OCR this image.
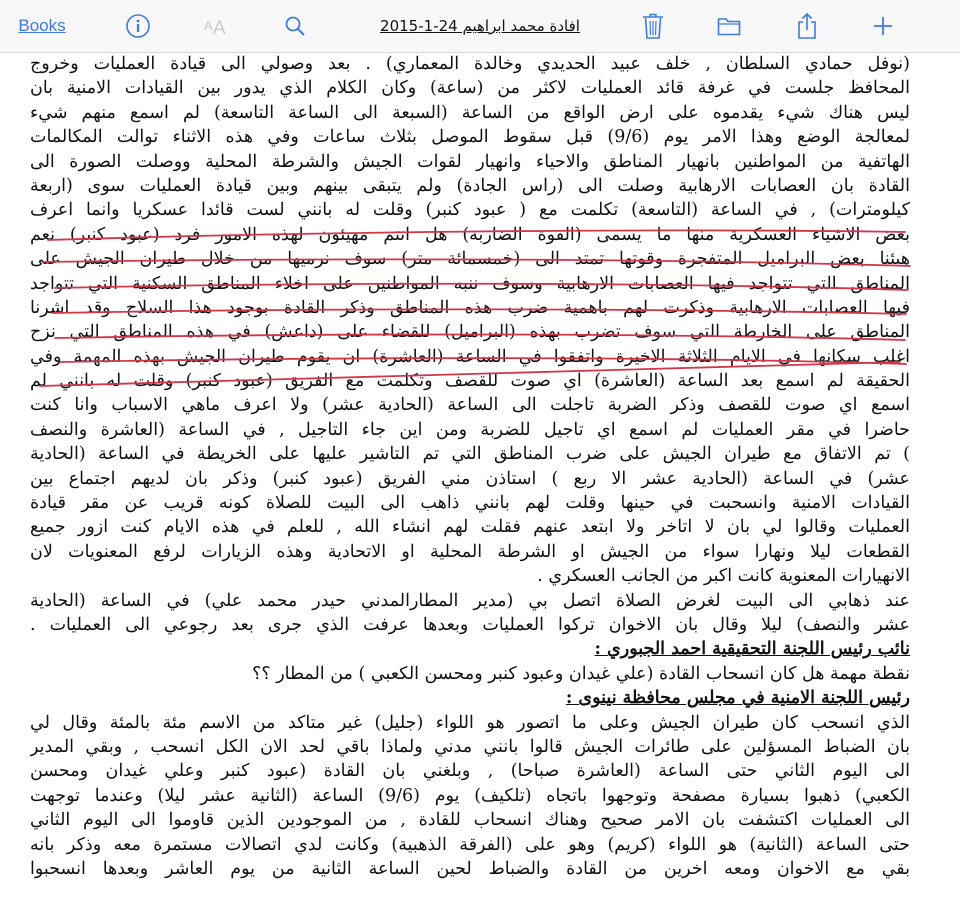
Books	A A	افادة محمد ابراهيم 24-1-2015
(نوفل حمادي السلطان , خلف عبيد الحديدي وخالدة المعماري) . بعد وصولي الى قيادة العمليات وخروج
المحافظ جلست في غرفة قائد العمليات لاكثر من (ساعة) وكان الكلام الذي يدور بين القيادات الامنية بان
ليس هناك شيء يقدموه على ارض الواقع من الساعة (السبعة الى الساعة التاسعة) لم اسمع منهم شيء
لمعالجة الوضع وهذا الامر يوم (9/6) قبل سقوط الموصل بثلاث ساعات وفي هذه الاثناء توالت المكالمات
الهاتفية من المواطنين بانهيار المناطق والاحياء وانهيار لقوات الجيش والشرطة المحلية ووصلت الصورة الى
القادة بان العصابات الارهابية وصلت الى (راس الجادة) ولم يتبقى بينهم وبين قيادة العمليات سوى (اربعة
كيلومترات) , في الساعة (التاسعة) تكلمت مع ( عبود كنبر) وقلت له بانني لست قائدا عسكريا وانما اعرف
بعض الاشياء العسكرية منها ما يسمى (القوة الضاربة) هل انتم مهيئون لهذه الامور فرد (عبود كنبر) نعم
هيئنا بعض البراميل المتفجرة وقوتها تمتد الى (خمسمائة متر) سوف نرميها من خلال طيران الجيش على
المناطق التي تتواجد فيها العصابات الارهابية وسوف ننبه المواطنين على اخلاء المناطق السكنية التي تتواجد
فيها العصابات الارهابية وذكرت لهم باهمية ضرب هذه المناطق وذكر القادة بوجود هذا السلاح وقد اشرنا
المناطق على الخارطة التي سوف تضرب بهذه (البراميل) للقضاء على (داعش) في هذه المناطق التي نزح
اغلب سكانها في الايام الثلاثة الاخيرة واتفقوا في الساعة (العاشرة) ان يقوم طيران الجيش بهذه المهمة وفي
الحقيقة لم اسمع بعد الساعة (العاشرة) اي صوت للقصف وتكلمت مع الفريق (عبود كنبر) وقلت له بانني لم
اسمع اي صوت للقصف وذكر الضربة تاجلت الى الساعة (الحادية عشر) ولا اعرف ماهي الاسباب وانا كنت
حاضرا في مقر العمليات لم اسمع اي تاجيل للضربة ومن اين جاء التاجيل , في الساعة (العاشرة والنصف
) تم الاتفاق مع طيران الجيش على ضرب المناطق التي تم التاشير عليها على الخريطة في الساعة (الحادية
عشر) في الساعة (الحادية عشر الا ربع ) استاذن مني الفريق (عبود كنبر) وذكر بان لديهم اجتماع بين
القيادات الامنية وانسحبت في حينها وقلت لهم بانني ذاهب الى البيت للصلاة كونه قريب عن مقر قيادة
العمليات وقالوا لي بان لا اتاخر ولا ابتعد عنهم فقلت لهم انشاء الله , للعلم في هذه الايام كنت ازور جميع
القطعات ليلا ونهارا سواء من الجيش او الشرطة المحلية او الاتحادية وهذه الزيارات لرفع المعنويات لان
الانهيارات المعنوية كانت اكبر من الجانب العسكري .
عند ذهابي الى البيت لغرض الصلاة اتصل بي (مدير المطارالمدني حيدر محمد علي) في الساعة (الحادية
عشر والنصف) ليلا وقال بان الاخوان تركوا العمليات وبعدها عرفت الذي جرى بعد رجوعي الى العمليات .
نائب رئيس اللجنة التحقيقية احمد الجبوري :
نقطة مهمة هل كان انسحاب القادة (علي غيدان وعبود كنبر ومحسن الكعبي ) من المطار ؟؟
رئيس اللجنة الامنية في مجلس محافظة نينوى :
الذي انسحب كان طيران الجيش وعلى ما اتصور هو اللواء (جليل) غير متاكد من الاسم مئة بالمئة وقال لي
بان الضباط المسؤلين على طائرات الجيش قالوا بانني مدني ولماذا باقي لحد الان الكل انسحب , وبقي المدير
الى اليوم الثاني حتى الساعة (العاشرة صباحا) , وبلغني بان القادة (عبود كنبر وعلي غيدان ومحسن
الكعبي) ذهبوا بسيارة مصفحة وتوجهوا باتجاه (تلكيف) يوم (9/6) الساعة (الثانية عشر ليلا) وعندما توجهت
الى العمليات اكتشفت بان الامر صحيح وهناك انسحاب للقادة , من الموجودين الذين قاوموا الى اليوم الثاني
حتى الساعة (الثانية) هو اللواء (كريم) وهو على (الفرقة الذهبية) وكانت لدي اتصالات مستمرة معه وذكر بانه
بقي مع الاخوان ومعه اخرين من القادة والضباط لحين الساعة الثانية من يوم العاشر وبعدها انسحبوا
